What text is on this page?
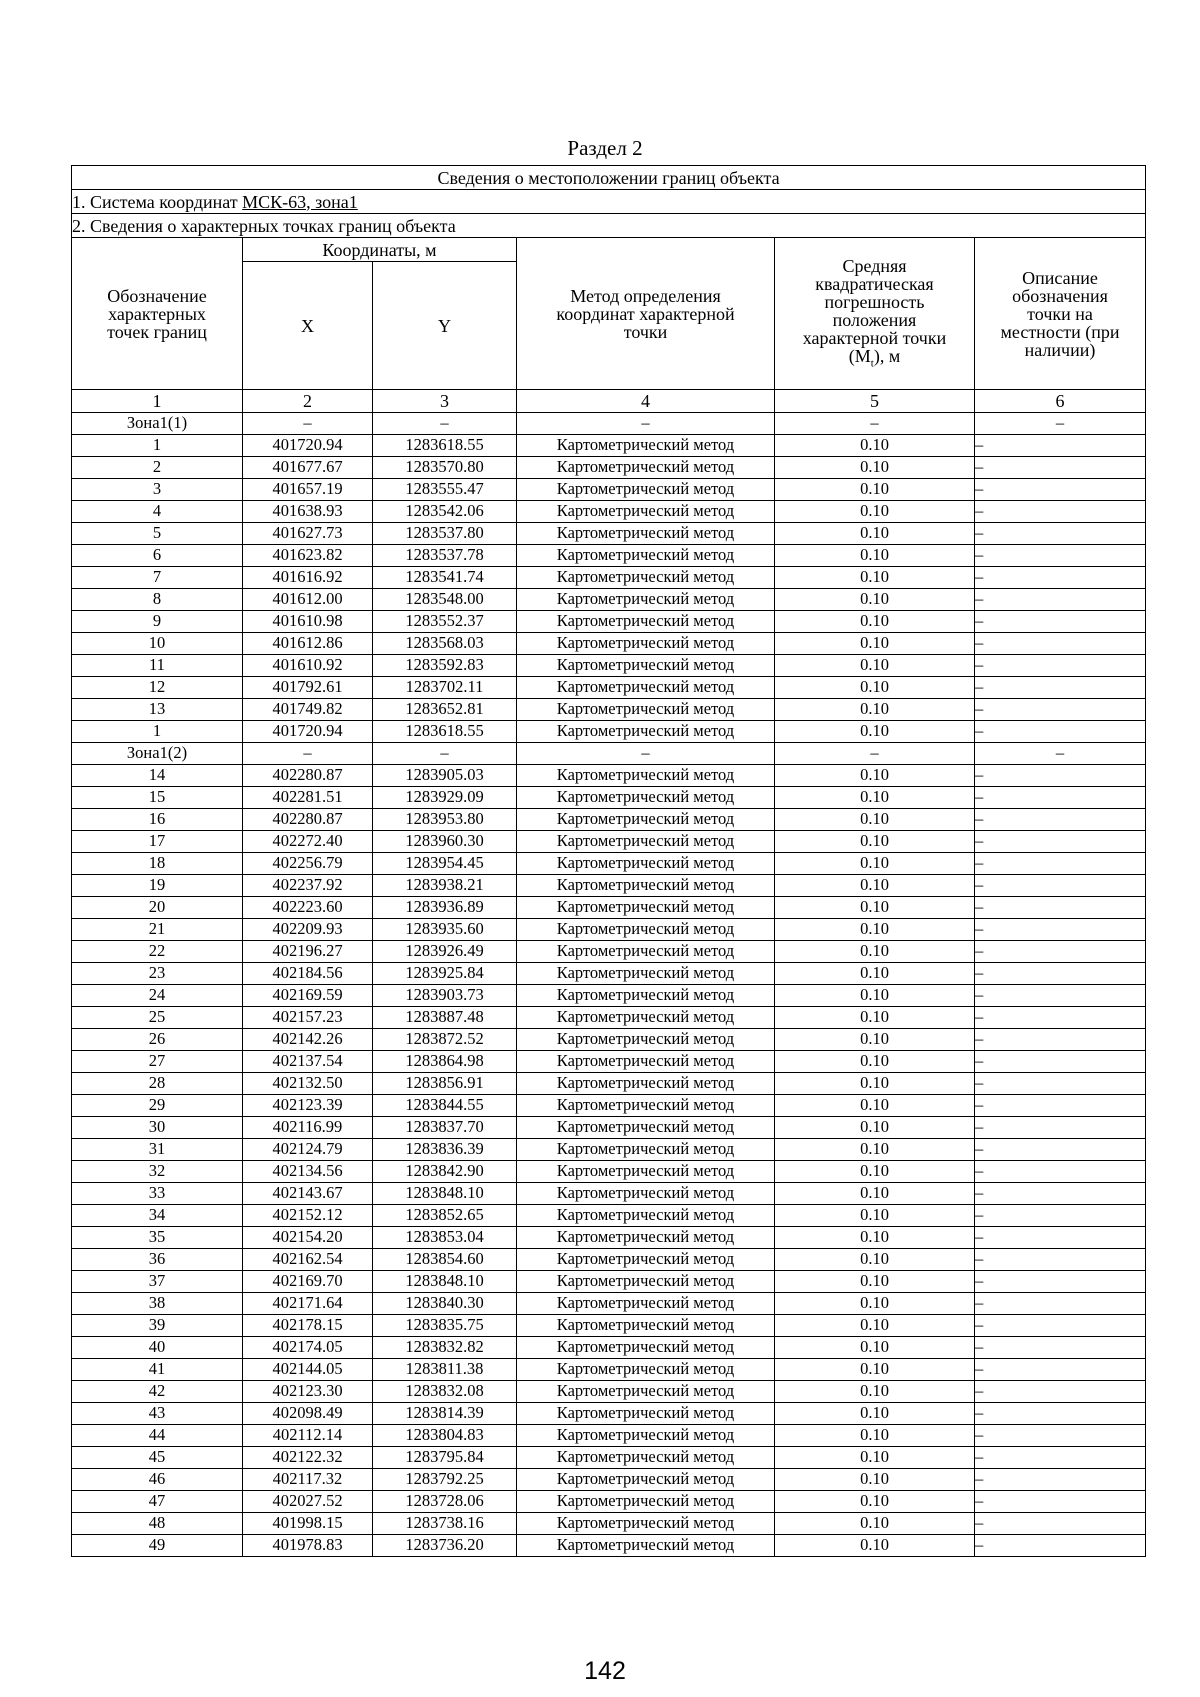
Раздел 2
Сведения о местоположении границ объекта					
1. Система координат МСК-63, зона1					
2. Сведения о характерных точках границ объекта					

Обозначение характерных точек границ	Координаты, м		Метод определения координат характерной точки	Средняя квадратическая погрешность положения характерной точки $(M_t)$, м	Описание обозначения точки на местности (при наличии)

	X	Y			
1	2	3	4	5	6
Зона1(1)	–	–	–	–	–
1	401720.94	1283618.55	Картометрический метод	0.10	–
2	401677.67	1283570.80	Картометрический метод	0.10	–
3	401657.19	1283555.47	Картометрический метод	0.10	–
4	401638.93	1283542.06	Картометрический метод	0.10	–
5	401627.73	1283537.80	Картометрический метод	0.10	–
6	401623.82	1283537.78	Картометрический метод	0.10	–
7	401616.92	1283541.74	Картометрический метод	0.10	–
8	401612.00	1283548.00	Картометрический метод	0.10	–
9	401610.98	1283552.37	Картометрический метод	0.10	–
10	401612.86	1283568.03	Картометрический метод	0.10	–
11	401610.92	1283592.83	Картометрический метод	0.10	–
12	401792.61	1283702.11	Картометрический метод	0.10	–
13	401749.82	1283652.81	Картометрический метод	0.10	–
1	401720.94	1283618.55	Картометрический метод	0.10	–
Зона1(2)	–	–	–	–	–
14	402280.87	1283905.03	Картометрический метод	0.10	–
15	402281.51	1283929.09	Картометрический метод	0.10	–
16	402280.87	1283953.80	Картометрический метод	0.10	–
17	402272.40	1283960.30	Картометрический метод	0.10	–
18	402256.79	1283954.45	Картометрический метод	0.10	–
19	402237.92	1283938.21	Картометрический метод	0.10	–
20	402223.60	1283936.89	Картометрический метод	0.10	–
21	402209.93	1283935.60	Картометрический метод	0.10	–
22	402196.27	1283926.49	Картометрический метод	0.10	–
23	402184.56	1283925.84	Картометрический метод	0.10	–
24	402169.59	1283903.73	Картометрический метод	0.10	–
25	402157.23	1283887.48	Картометрический метод	0.10	–
26	402142.26	1283872.52	Картометрический метод	0.10	–
27	402137.54	1283864.98	Картометрический метод	0.10	–
28	402132.50	1283856.91	Картометрический метод	0.10	–
29	402123.39	1283844.55	Картометрический метод	0.10	–
30	402116.99	1283837.70	Картометрический метод	0.10	–
31	402124.79	1283836.39	Картометрический метод	0.10	–
32	402134.56	1283842.90	Картометрический метод	0.10	–
33	402143.67	1283848.10	Картометрический метод	0.10	–
34	402152.12	1283852.65	Картометрический метод	0.10	–
35	402154.20	1283853.04	Картометрический метод	0.10	–
36	402162.54	1283854.60	Картометрический метод	0.10	–
37	402169.70	1283848.10	Картометрический метод	0.10	–
38	402171.64	1283840.30	Картометрический метод	0.10	–
39	402178.15	1283835.75	Картометрический метод	0.10	–
40	402174.05	1283832.82	Картометрический метод	0.10	–
41	402144.05	1283811.38	Картометрический метод	0.10	–
42	402123.30	1283832.08	Картометрический метод	0.10	–
43	402098.49	1283814.39	Картометрический метод	0.10	–
44	402112.14	1283804.83	Картометрический метод	0.10	–
45	402122.32	1283795.84	Картометрический метод	0.10	–
46	402117.32	1283792.25	Картометрический метод	0.10	–
47	402027.52	1283728.06	Картометрический метод	0.10	–
48	401998.15	1283738.16	Картометрический метод	0.10	–
49	401978.83	1283736.20	Картометрический метод	0.10	–
142
